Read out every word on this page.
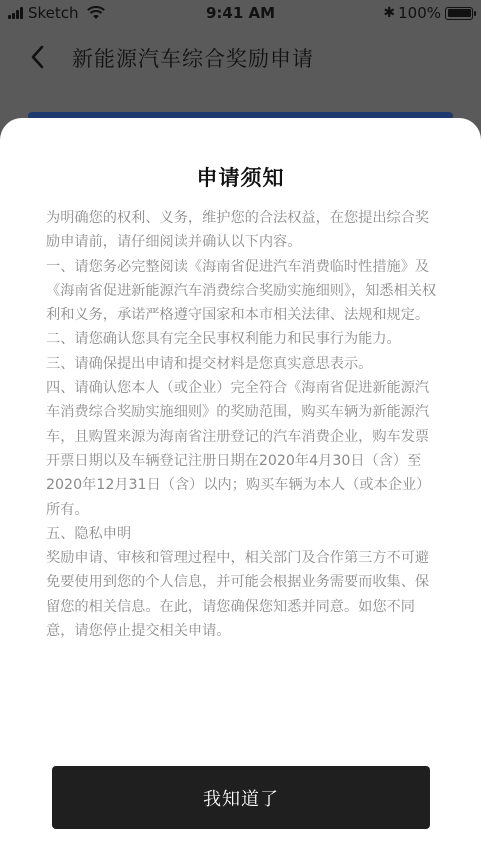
Sketch	9:41 AM	✱ 100%
新能源汽车综合奖励申请
申请须知

为明确您的权利、义务，维护您的合法权益，在您提出综合奖励申请前，请仔细阅读并确认以下内容。

一、请您务必完整阅读《海南省促进汽车消费临时性措施》及《海南省促进新能源汽车消费综合奖励实施细则》，知悉相关权利和义务，承诺严格遵守国家和本市相关法律、法规和规定。

二、请您确认您具有完全民事权利能力和民事行为能力。

三、请确保提出申请和提交材料是您真实意思表示。

四、请确认您本人（或企业）完全符合《海南省促进新能源汽车消费综合奖励实施细则》的奖励范围，购买车辆为新能源汽车，且购置来源为海南省注册登记的汽车消费企业，购车发票开票日期以及车辆登记注册日期在2020年4月30日（含）至2020年12月31日（含）以内；购买车辆为本人（或本企业）所有。

五、隐私申明

奖励申请、审核和管理过程中，相关部门及合作第三方不可避免要使用到您的个人信息，并可能会根据业务需要而收集、保留您的相关信息。在此，请您确保您知悉并同意。如您不同意，请您停止提交相关申请。

我知道了
